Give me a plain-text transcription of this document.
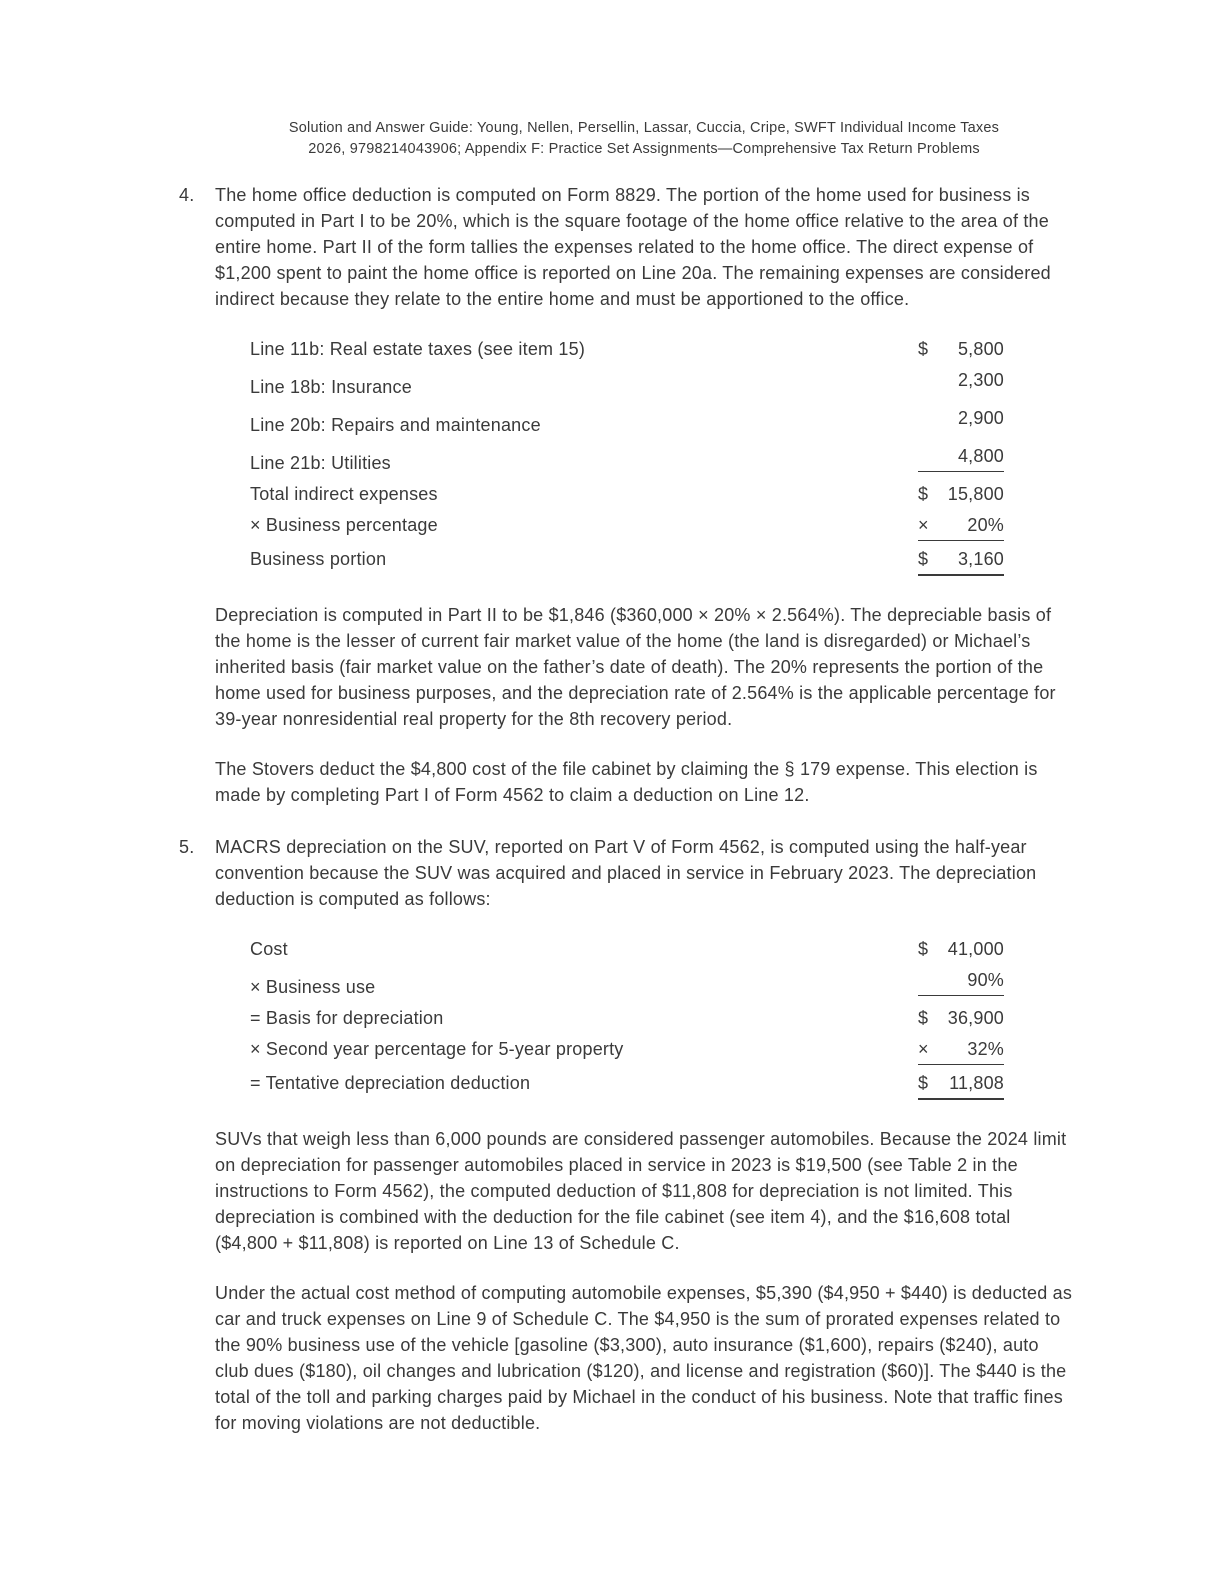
Solution and Answer Guide: Young, Nellen, Persellin, Lassar, Cuccia, Cripe, SWFT Individual Income Taxes
2026, 9798214043906; Appendix F: Practice Set Assignments—Comprehensive Tax Return Problems
4.	The home office deduction is computed on Form 8829. The portion of the home used for business is computed in Part I to be 20%, which is the square footage of the home office relative to the area of the entire home. Part II of the form tallies the expenses related to the home office. The direct expense of $1,200 spent to paint the home office is reported on Line 20a. The remaining expenses are considered indirect because they relate to the entire home and must be apportioned to the office.

Line 11b: Real estate taxes (see item 15)	$ 5,800
Line 18b: Insurance	2,300
Line 20b: Repairs and maintenance	2,900
Line 21b: Utilities	4,800
Total indirect expenses	$ 15,800
× Business percentage	× 20%
Business portion	$ 3,160

Depreciation is computed in Part II to be $1,846 ($360,000 × 20% × 2.564%). The depreciable basis of the home is the lesser of current fair market value of the home (the land is disregarded) or Michael’s inherited basis (fair market value on the father’s date of death). The 20% represents the portion of the home used for business purposes, and the depreciation rate of 2.564% is the applicable percentage for 39-year nonresidential real property for the 8th recovery period.

The Stovers deduct the $4,800 cost of the file cabinet by claiming the § 179 expense. This election is made by completing Part I of Form 4562 to claim a deduction on Line 12.

5.	MACRS depreciation on the SUV, reported on Part V of Form 4562, is computed using the half-year convention because the SUV was acquired and placed in service in February 2023. The depreciation deduction is computed as follows:

Cost	$ 41,000
× Business use	90%
= Basis for depreciation	$ 36,900
× Second year percentage for 5-year property	× 32%
= Tentative depreciation deduction	$ 11,808

SUVs that weigh less than 6,000 pounds are considered passenger automobiles. Because the 2024 limit on depreciation for passenger automobiles placed in service in 2023 is $19,500 (see Table 2 in the instructions to Form 4562), the computed deduction of $11,808 for depreciation is not limited. This depreciation is combined with the deduction for the file cabinet (see item 4), and the $16,608 total ($4,800 + $11,808) is reported on Line 13 of Schedule C.

Under the actual cost method of computing automobile expenses, $5,390 ($4,950 + $440) is deducted as car and truck expenses on Line 9 of Schedule C. The $4,950 is the sum of prorated expenses related to the 90% business use of the vehicle [gasoline ($3,300), auto insurance ($1,600), repairs ($240), auto club dues ($180), oil changes and lubrication ($120), and license and registration ($60)]. The $440 is the total of the toll and parking charges paid by Michael in the conduct of his business. Note that traffic fines for moving violations are not deductible.
